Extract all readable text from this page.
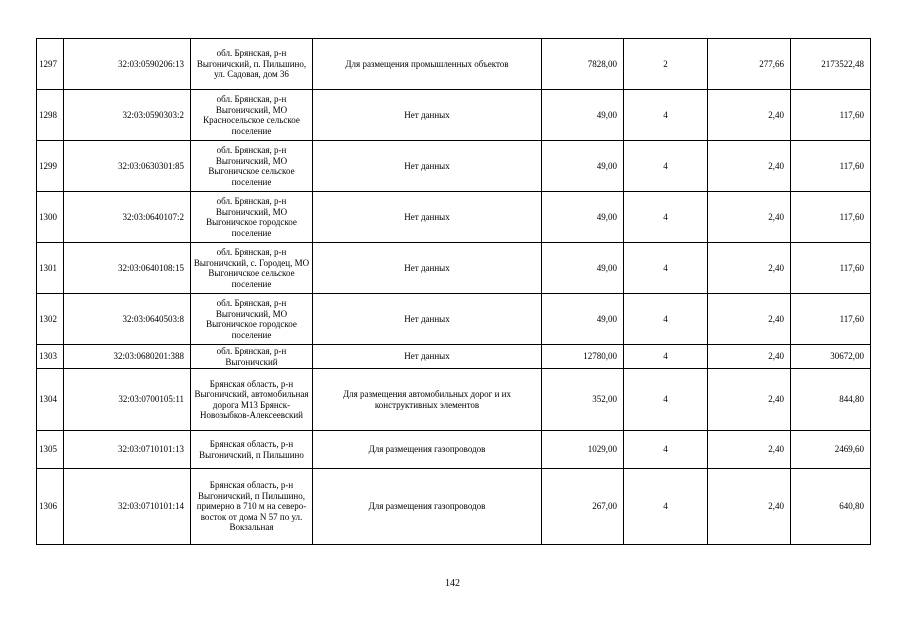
1297	32:03:0590206:13	обл. Брянская, р-н Выгоничский, п. Пильшино, ул. Садовая, дом 36	Для размещения промышленных объектов	7828,00	2	277,66	2173522,48
1298	32:03:0590303:2	обл. Брянская, р-н Выгоничский, МО Красносельское сельское поселение	Нет данных	49,00	4	2,40	117,60
1299	32:03:0630301:85	обл. Брянская, р-н Выгоничский, МО Выгоничское сельское поселение	Нет данных	49,00	4	2,40	117,60
1300	32:03:0640107:2	обл. Брянская, р-н Выгоничский, МО Выгоничское городское поселение	Нет данных	49,00	4	2,40	117,60
1301	32:03:0640108:15	обл. Брянская, р-н Выгоничский, с. Городец, МО Выгоничское сельское поселение	Нет данных	49,00	4	2,40	117,60
1302	32:03:0640503:8	обл. Брянская, р-н Выгоничский, МО Выгоничское городское поселение	Нет данных	49,00	4	2,40	117,60
1303	32:03:0680201:388	обл. Брянская, р-н Выгоничский	Нет данных	12780,00	4	2,40	30672,00
1304	32:03:0700105:11	Брянская область, р-н Выгоничский, автомобильная дорога М13 Брянск-Новозыбков-Алексеевский	Для размещения автомобильных дорог и их конструктивных элементов	352,00	4	2,40	844,80
1305	32:03:0710101:13	Брянская область, р-н Выгоничский, п Пильшино	Для размещения газопроводов	1029,00	4	2,40	2469,60
1306	32:03:0710101:14	Брянская область, р-н Выгоничский, п Пильшино, примерно в 710 м на северо-восток от дома N 57 по ул. Вокзальная	Для размещения газопроводов	267,00	4	2,40	640,80
142
